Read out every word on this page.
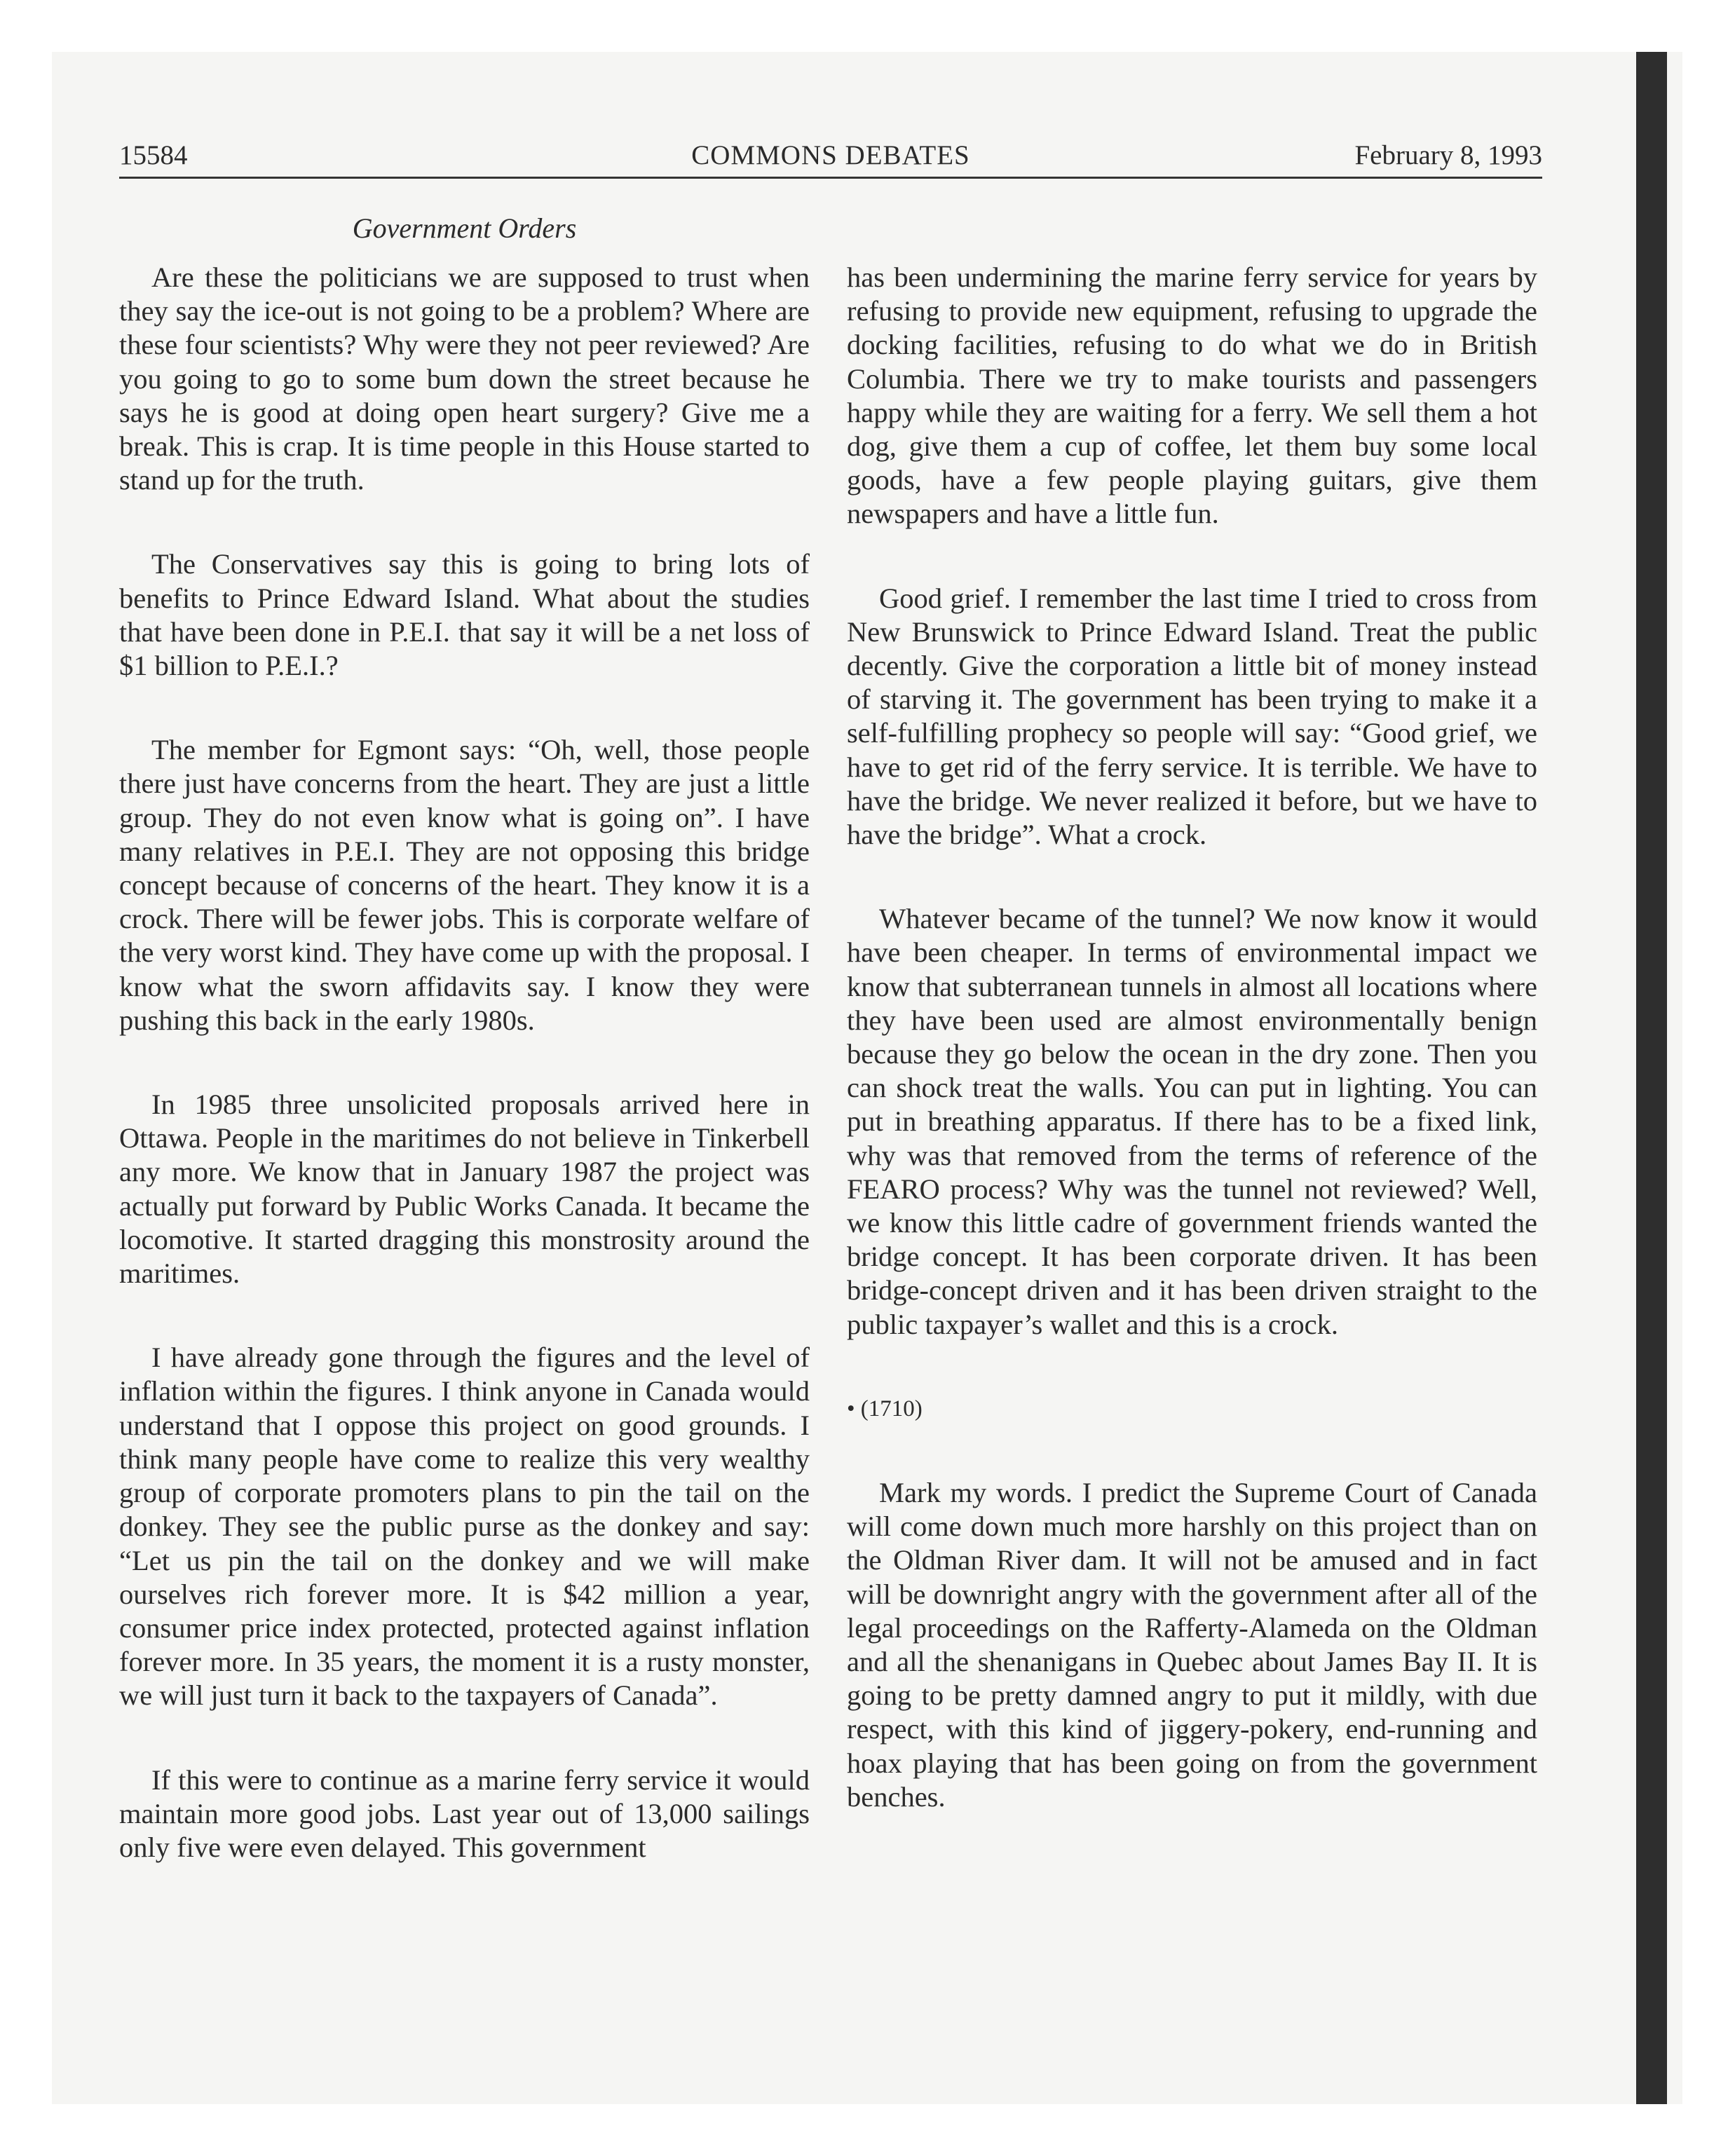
15584	COMMONS DEBATES	February 8, 1993
Government Orders

Are these the politicians we are supposed to trust when they say the ice-out is not going to be a problem? Where are these four scientists? Why were they not peer reviewed? Are you going to go to some bum down the street because he says he is good at doing open heart surgery? Give me a break. This is crap. It is time people in this House started to stand up for the truth.

The Conservatives say this is going to bring lots of benefits to Prince Edward Island. What about the studies that have been done in P.E.I. that say it will be a net loss of $1 billion to P.E.I.?

The member for Egmont says: “Oh, well, those people there just have concerns from the heart. They are just a little group. They do not even know what is going on”. I have many relatives in P.E.I. They are not opposing this bridge concept because of concerns of the heart. They know it is a crock. There will be fewer jobs. This is corporate welfare of the very worst kind. They have come up with the proposal. I know what the sworn affidavits say. I know they were pushing this back in the early 1980s.

In 1985 three unsolicited proposals arrived here in Ottawa. People in the maritimes do not believe in Tinkerbell any more. We know that in January 1987 the project was actually put forward by Public Works Canada. It became the locomotive. It started dragging this monstrosity around the maritimes.

I have already gone through the figures and the level of inflation within the figures. I think anyone in Canada would understand that I oppose this project on good grounds. I think many people have come to realize this very wealthy group of corporate promoters plans to pin the tail on the donkey. They see the public purse as the donkey and say: “Let us pin the tail on the donkey and we will make ourselves rich forever more. It is $42 million a year, consumer price index protected, protected against inflation forever more. In 35 years, the moment it is a rusty monster, we will just turn it back to the taxpayers of Canada”.

If this were to continue as a marine ferry service it would maintain more good jobs. Last year out of 13,000 sailings only five were even delayed. This government

has been undermining the marine ferry service for years by refusing to provide new equipment, refusing to upgrade the docking facilities, refusing to do what we do in British Columbia. There we try to make tourists and passengers happy while they are waiting for a ferry. We sell them a hot dog, give them a cup of coffee, let them buy some local goods, have a few people playing guitars, give them newspapers and have a little fun.

Good grief. I remember the last time I tried to cross from New Brunswick to Prince Edward Island. Treat the public decently. Give the corporation a little bit of money instead of starving it. The government has been trying to make it a self-fulfilling prophecy so people will say: “Good grief, we have to get rid of the ferry service. It is terrible. We have to have the bridge. We never realized it before, but we have to have the bridge”. What a crock.

Whatever became of the tunnel? We now know it would have been cheaper. In terms of environmental impact we know that subterranean tunnels in almost all locations where they have been used are almost environmentally benign because they go below the ocean in the dry zone. Then you can shock treat the walls. You can put in lighting. You can put in breathing apparatus. If there has to be a fixed link, why was that removed from the terms of reference of the FEARO process? Why was the tunnel not reviewed? Well, we know this little cadre of government friends wanted the bridge concept. It has been corporate driven. It has been bridge-concept driven and it has been driven straight to the public taxpayer’s wallet and this is a crock.

• (1710)

Mark my words. I predict the Supreme Court of Canada will come down much more harshly on this project than on the Oldman River dam. It will not be amused and in fact will be downright angry with the government after all of the legal proceedings on the Rafferty-Alameda on the Oldman and all the shenanigans in Quebec about James Bay II. It is going to be pretty damned angry to put it mildly, with due respect, with this kind of jiggery-pokery, end-running and hoax playing that has been going on from the government benches.
